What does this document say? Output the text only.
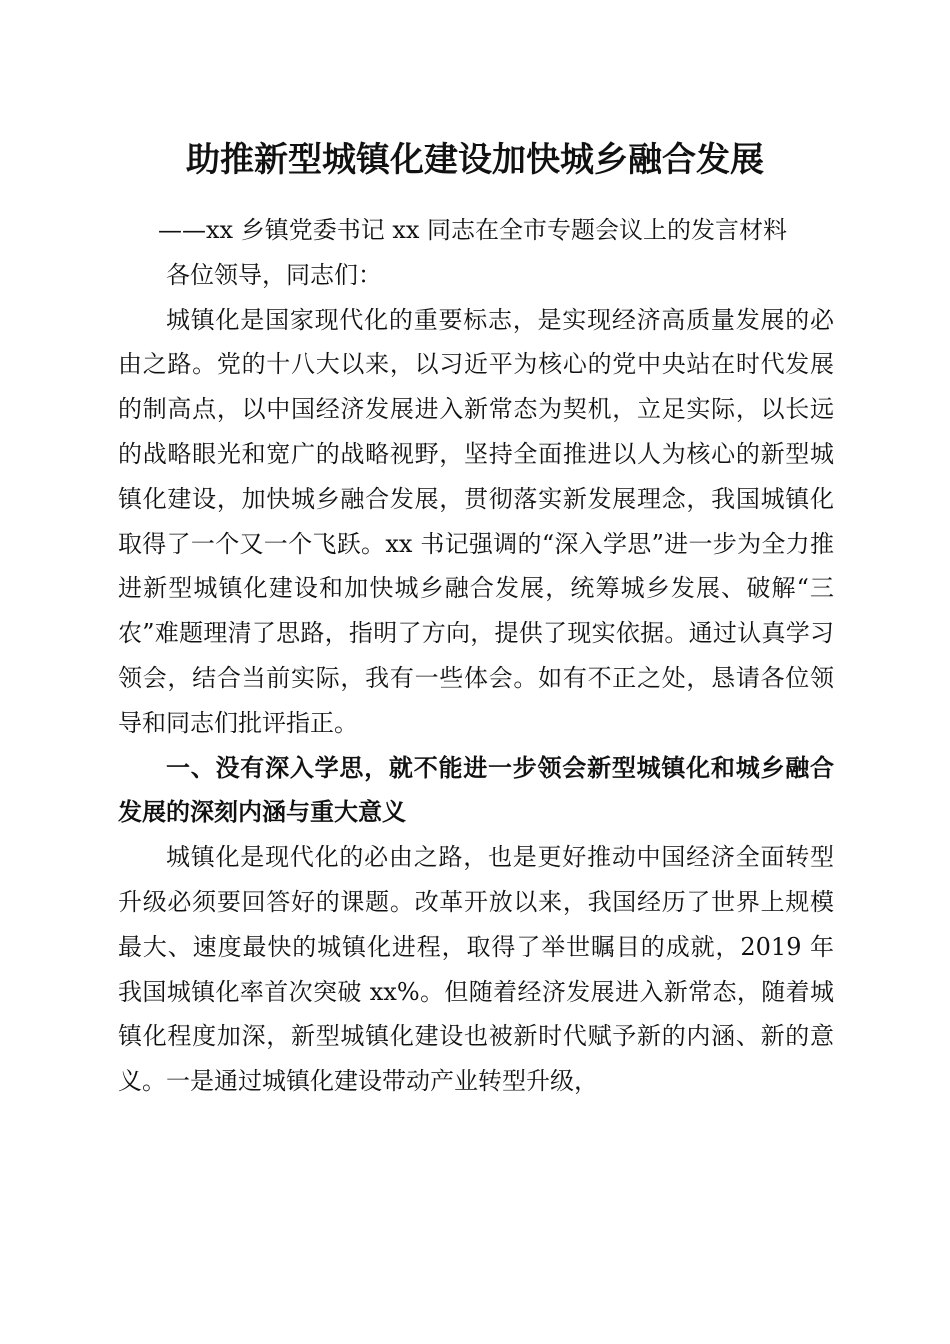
助推新型城镇化建设加快城乡融合发展

——xx 乡镇党委书记 xx 同志在全市专题会议上的发言材料

各位领导，同志们：

城镇化是国家现代化的重要标志，是实现经济高质量发展的必由之路。党的十八大以来，以习近平为核心的党中央站在时代发展的制高点，以中国经济发展进入新常态为契机，立足实际，以长远的战略眼光和宽广的战略视野，坚持全面推进以人为核心的新型城镇化建设，加快城乡融合发展，贯彻落实新发展理念，我国城镇化取得了一个又一个飞跃。xx 书记强调的“深入学思”进一步为全力推进新型城镇化建设和加快城乡融合发展，统筹城乡发展、破解“三农”难题理清了思路，指明了方向，提供了现实依据。通过认真学习领会，结合当前实际，我有一些体会。如有不正之处，恳请各位领导和同志们批评指正。

一、没有深入学思，就不能进一步领会新型城镇化和城乡融合发展的深刻内涵与重大意义

城镇化是现代化的必由之路，也是更好推动中国经济全面转型升级必须要回答好的课题。改革开放以来，我国经历了世界上规模最大、速度最快的城镇化进程，取得了举世瞩目的成就，2019 年我国城镇化率首次突破 xx%。但随着经济发展进入新常态，随着城镇化程度加深，新型城镇化建设也被新时代赋予新的内涵、新的意义。一是通过城镇化建设带动产业转型升级，
